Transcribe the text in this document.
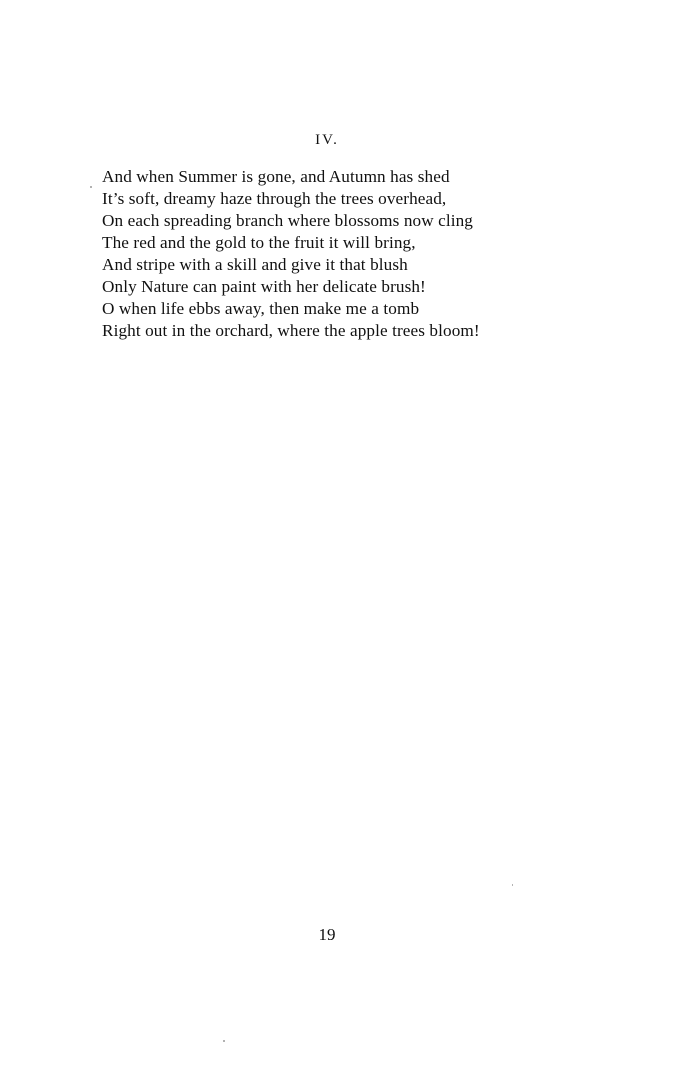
IV.
And when Summer is gone, and Autumn has shed
It’s soft, dreamy haze through the trees overhead,
On each spreading branch where blossoms now cling
The red and the gold to the fruit it will bring,
And stripe with a skill and give it that blush
Only Nature can paint with her delicate brush!
O when life ebbs away, then make me a tomb
Right out in the orchard, where the apple trees bloom!
19
